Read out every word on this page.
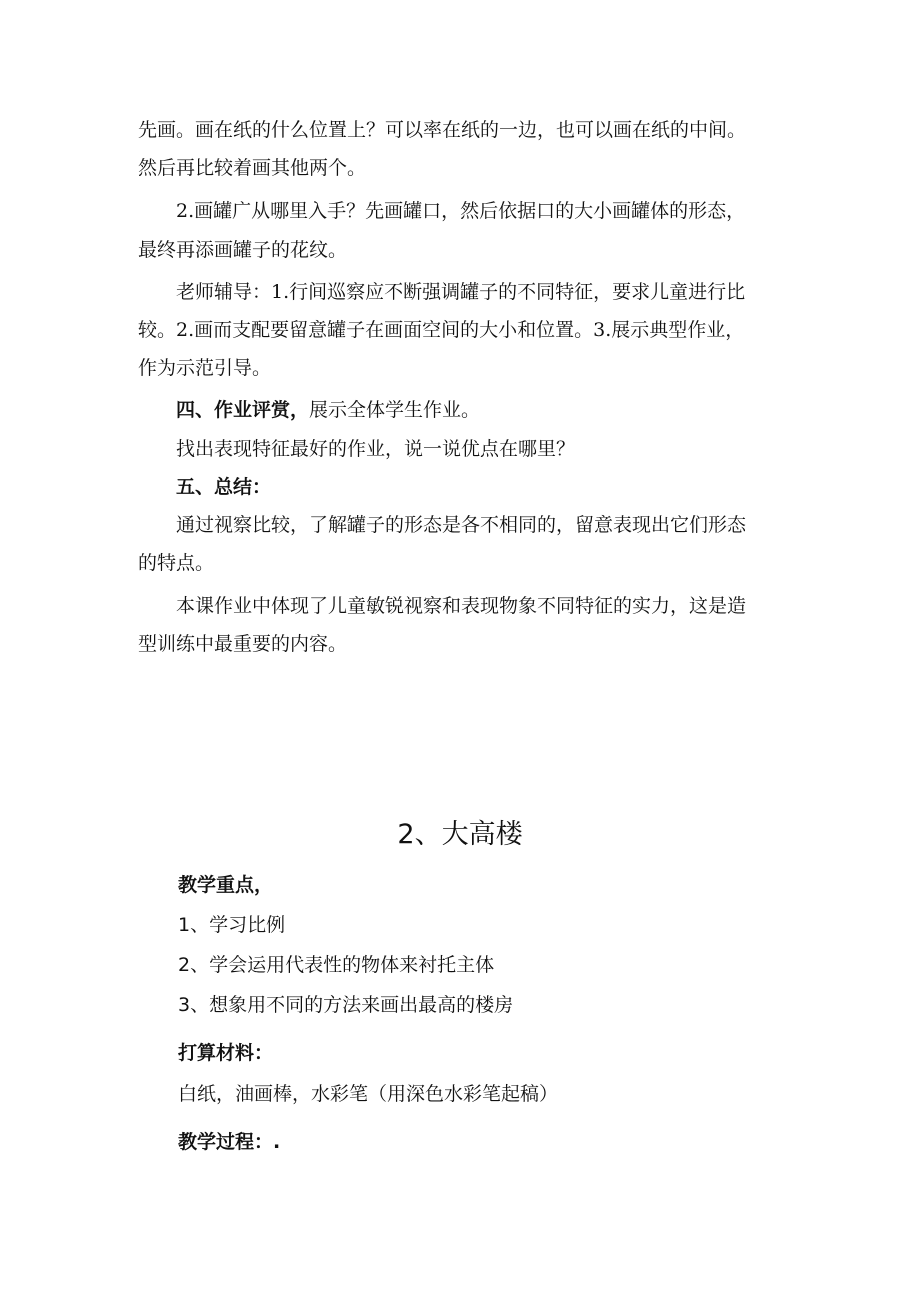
先画。画在纸的什么位置上？可以率在纸的一边，也可以画在纸的中间。
然后再比较着画其他两个。
2.画罐广从哪里入手？先画罐口，然后依据口的大小画罐体的形态，
最终再添画罐子的花纹。
老师辅导：1.行间巡察应不断强调罐子的不同特征，要求儿童进行比
较。2.画而支配要留意罐子在画面空间的大小和位置。3.展示典型作业，
作为示范引导。
四、作业评赏，展示全体学生作业。
找出表现特征最好的作业，说一说优点在哪里？
五、总结：
通过视察比较，了解罐子的形态是各不相同的，留意表现出它们形态
的特点。
本课作业中体现了儿童敏锐视察和表现物象不同特征的实力，这是造
型训练中最重要的内容。
2、大高楼
教学重点，
1、学习比例
2、学会运用代表性的物体来衬托主体
3、想象用不同的方法来画出最高的楼房
打算材料：
白纸，油画棒，水彩笔（用深色水彩笔起稿）
教学过程：.
